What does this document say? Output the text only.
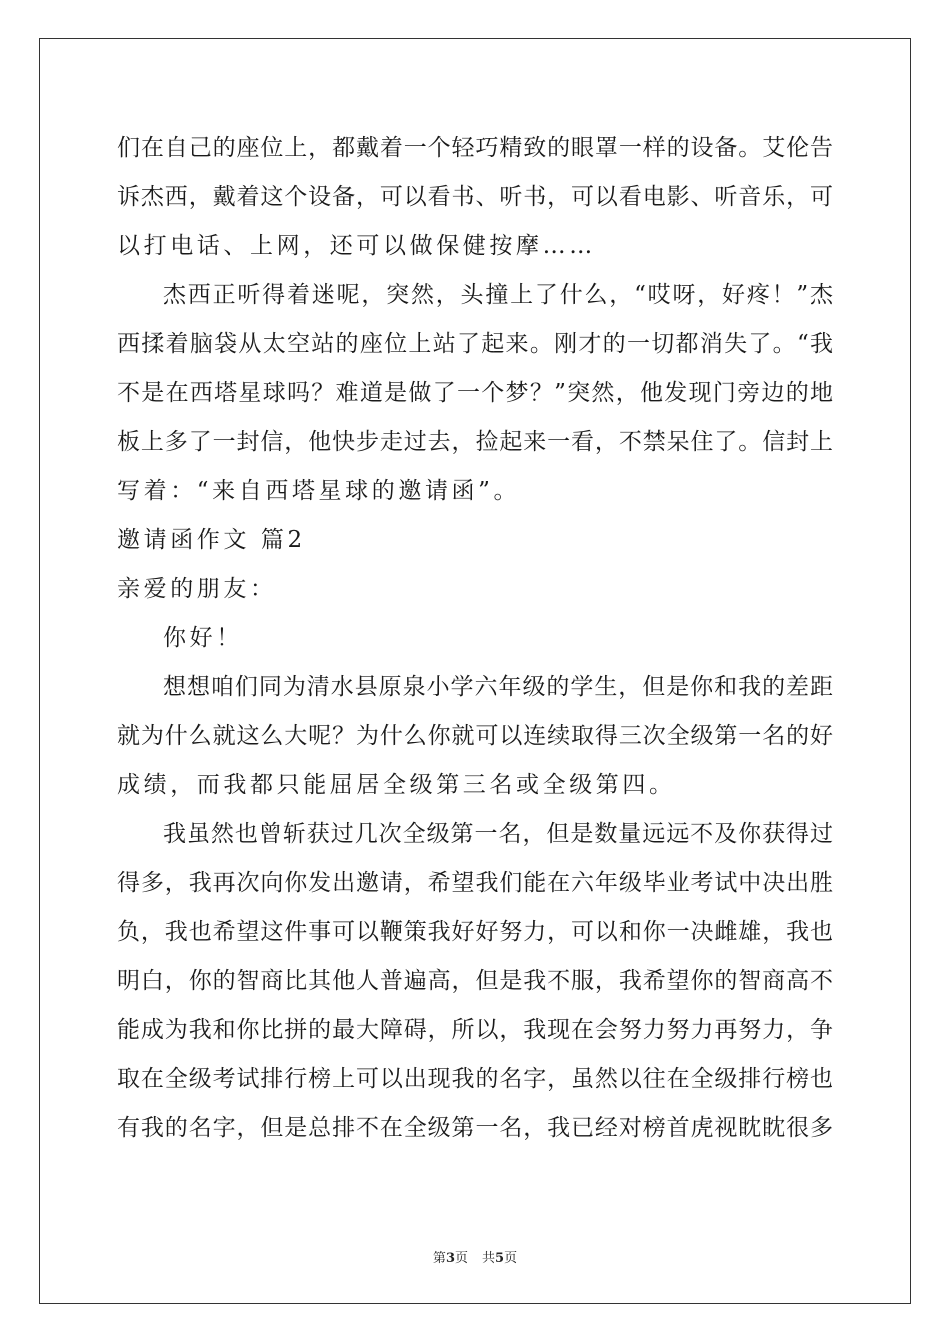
们在自己的座位上，都戴着一个轻巧精致的眼罩一样的设备。艾伦告
诉杰西，戴着这个设备，可以看书、听书，可以看电影、听音乐，可
以打电话、上网，还可以做保健按摩……
杰西正听得着迷呢，突然，头撞上了什么，“哎呀，好疼！”杰
西揉着脑袋从太空站的座位上站了起来。刚才的一切都消失了。“我
不是在西塔星球吗？难道是做了一个梦？”突然，他发现门旁边的地
板上多了一封信，他快步走过去，捡起来一看，不禁呆住了。信封上
写着：“来自西塔星球的邀请函”。
邀请函作文 篇2
亲爱的朋友：
你好！
想想咱们同为清水县原泉小学六年级的学生，但是你和我的差距
就为什么就这么大呢？为什么你就可以连续取得三次全级第一名的好
成绩，而我都只能屈居全级第三名或全级第四。
我虽然也曾斩获过几次全级第一名，但是数量远远不及你获得过
得多，我再次向你发出邀请，希望我们能在六年级毕业考试中决出胜
负，我也希望这件事可以鞭策我好好努力，可以和你一决雌雄，我也
明白，你的智商比其他人普遍高，但是我不服，我希望你的智商高不
能成为我和你比拼的最大障碍，所以，我现在会努力努力再努力，争
取在全级考试排行榜上可以出现我的名字，虽然以往在全级排行榜也
有我的名字，但是总排不在全级第一名，我已经对榜首虎视眈眈很多
第3页 共5页
